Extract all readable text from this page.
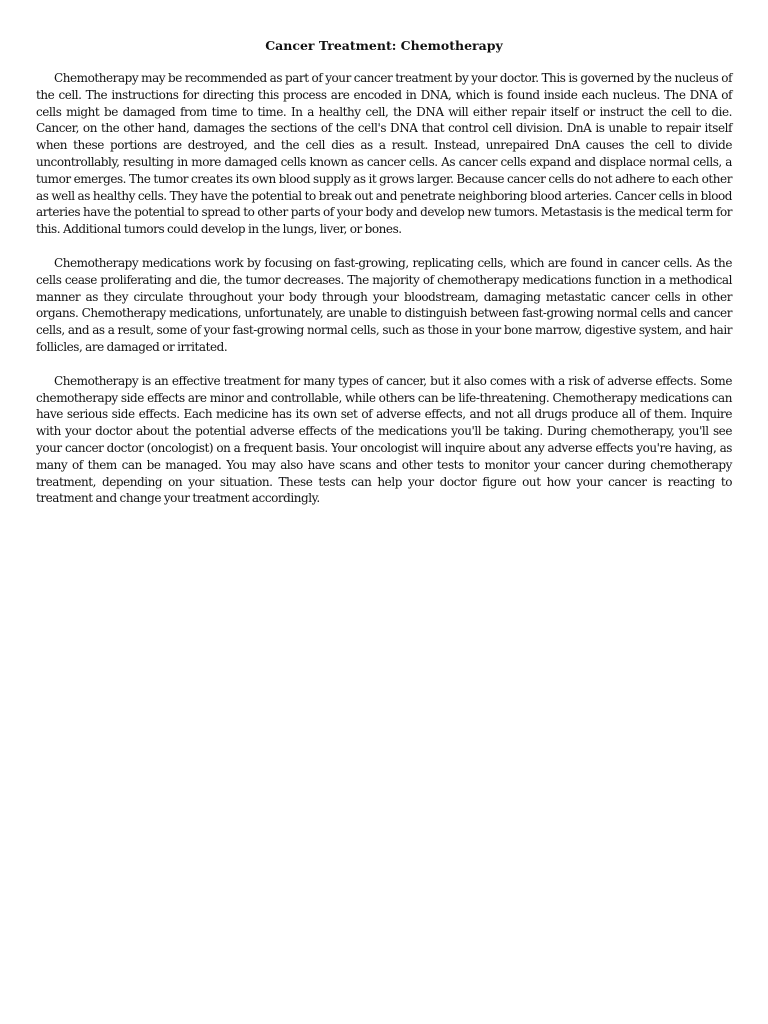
Cancer Treatment: Chemotherapy

Chemotherapy may be recommended as part of your cancer treatment by your doctor. This is governed by the nucleus of the cell. The instructions for directing this process are encoded in DNA, which is found inside each nucleus. The DNA of cells might be damaged from time to time. In a healthy cell, the DNA will either repair itself or instruct the cell to die. Cancer, on the other hand, damages the sections of the cell's DNA that control cell division. DnA is unable to repair itself when these portions are destroyed, and the cell dies as a result. Instead, unrepaired DnA causes the cell to divide uncontrollably, resulting in more damaged cells known as cancer cells. As cancer cells expand and displace normal cells, a tumor emerges. The tumor creates its own blood supply as it grows larger. Because cancer cells do not adhere to each other as well as healthy cells. They have the potential to break out and penetrate neighboring blood arteries. Cancer cells in blood arteries have the potential to spread to other parts of your body and develop new tumors. Metastasis is the medical term for this. Additional tumors could develop in the lungs, liver, or bones.

Chemotherapy medications work by focusing on fast-growing, replicating cells, which are found in cancer cells. As the cells cease proliferating and die, the tumor decreases. The majority of chemotherapy medications function in a methodical manner as they circulate throughout your body through your bloodstream, damaging metastatic cancer cells in other organs. Chemotherapy medications, unfortunately, are unable to distinguish between fast-growing normal cells and cancer cells, and as a result, some of your fast-growing normal cells, such as those in your bone marrow, digestive system, and hair follicles, are damaged or irritated.

Chemotherapy is an effective treatment for many types of cancer, but it also comes with a risk of adverse effects. Some chemotherapy side effects are minor and controllable, while others can be life-threatening. Chemotherapy medications can have serious side effects. Each medicine has its own set of adverse effects, and not all drugs produce all of them. Inquire with your doctor about the potential adverse effects of the medications you'll be taking. During chemotherapy, you'll see your cancer doctor (oncologist) on a frequent basis. Your oncologist will inquire about any adverse effects you're having, as many of them can be managed. You may also have scans and other tests to monitor your cancer during chemotherapy treatment, depending on your situation. These tests can help your doctor figure out how your cancer is reacting to treatment and change your treatment accordingly.
